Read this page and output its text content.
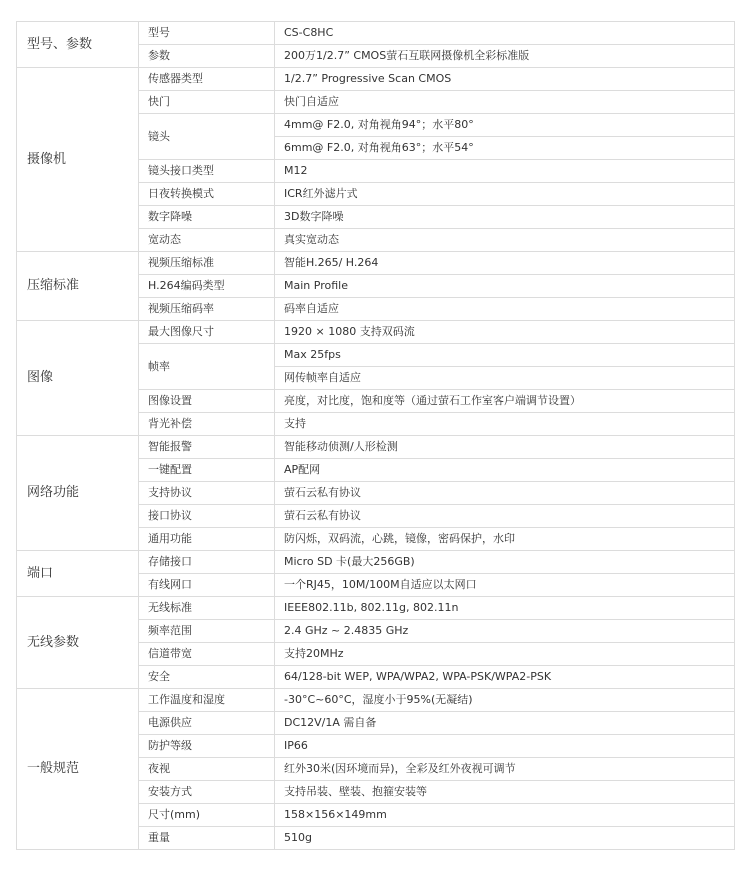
型号、参数	型号	CS-C8HC
	参数	200万1/2.7” CMOS萤石互联网摄像机全彩标准版
摄像机	传感器类型	1/2.7” Progressive Scan CMOS
	快门	快门自适应
	镜头	4mm@ F2.0, 对角视角94°；水平80°
		6mm@ F2.0, 对角视角63°；水平54°
	镜头接口类型	M12
	日夜转换模式	ICR红外滤片式
	数字降噪	3D数字降噪
	宽动态	真实宽动态
压缩标准	视频压缩标准	智能H.265/ H.264
	H.264编码类型	Main Profile
	视频压缩码率	码率自适应
图像	最大图像尺寸	1920 × 1080 支持双码流
	帧率	Max 25fps
		网传帧率自适应
	图像设置	亮度，对比度，饱和度等（通过萤石工作室客户端调节设置）
	背光补偿	支持
网络功能	智能报警	智能移动侦测/人形检测
	一键配置	AP配网
	支持协议	萤石云私有协议
	接口协议	萤石云私有协议
	通用功能	防闪烁，双码流，心跳，镜像，密码保护，水印
端口	存储接口	Micro SD 卡(最大256GB)
	有线网口	一个RJ45，10M/100M自适应以太网口
无线参数	无线标准	IEEE802.11b, 802.11g, 802.11n
	频率范围	2.4 GHz ~ 2.4835 GHz
	信道带宽	支持20MHz
	安全	64/128-bit WEP, WPA/WPA2, WPA-PSK/WPA2-PSK
一般规范	工作温度和湿度	-30°C~60°C，湿度小于95%(无凝结)
	电源供应	DC12V/1A 需自备
	防护等级	IP66
	夜视	红外30米(因环境而异)，全彩及红外夜视可调节
	安装方式	支持吊装、壁装、抱箍安装等
	尺寸(mm)	158×156×149mm
	重量	510g
